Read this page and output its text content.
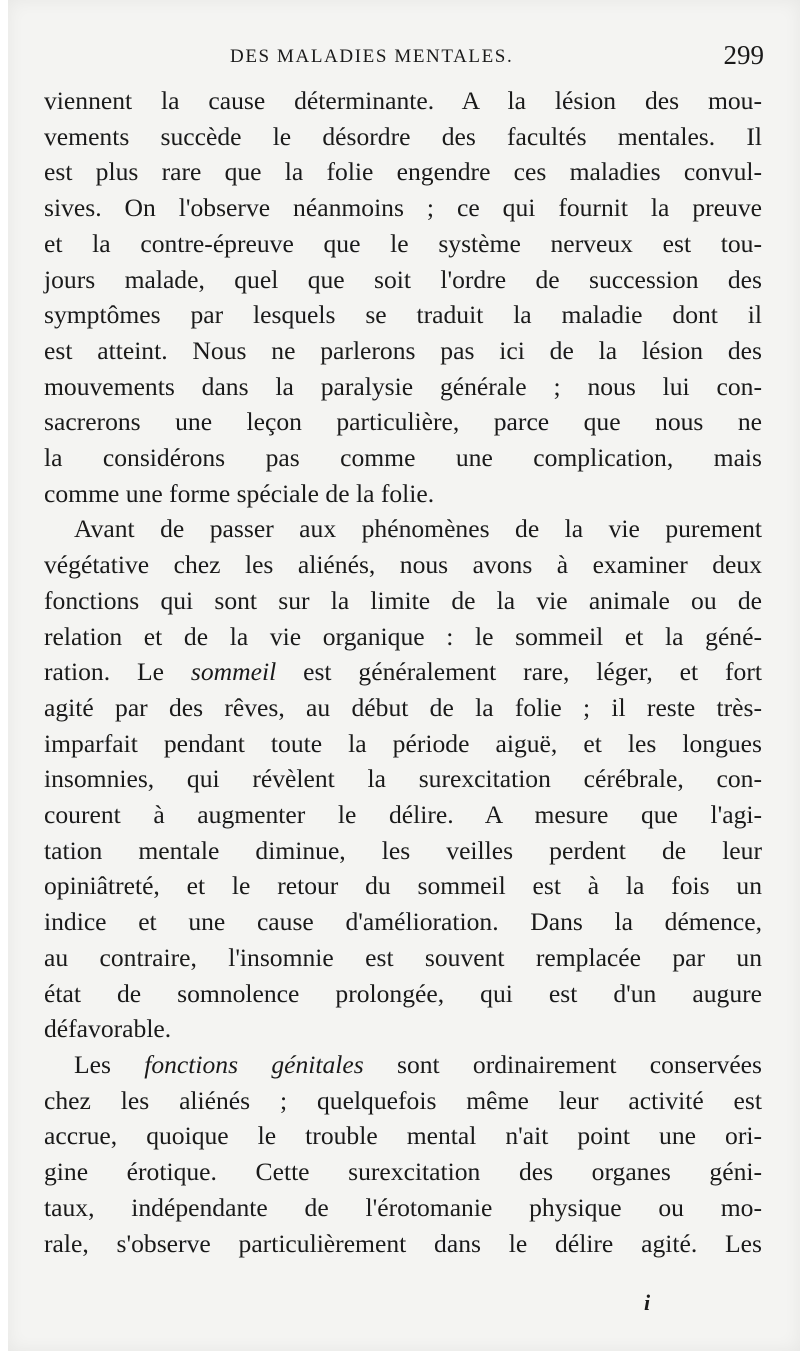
DES MALADIES MENTALES.	299

viennent la cause déterminante. A la lésion des mou-
vements succède le désordre des facultés mentales. Il
est plus rare que la folie engendre ces maladies convul-
sives. On l'observe néanmoins ; ce qui fournit la preuve
et la contre-épreuve que le système nerveux est tou-
jours malade, quel que soit l'ordre de succession des
symptômes par lesquels se traduit la maladie dont il
est atteint. Nous ne parlerons pas ici de la lésion des
mouvements dans la paralysie générale ; nous lui con-
sacrerons une leçon particulière, parce que nous ne
la considérons pas comme une complication, mais
comme une forme spéciale de la folie.

Avant de passer aux phénomènes de la vie purement
végétative chez les aliénés, nous avons à examiner deux
fonctions qui sont sur la limite de la vie animale ou de
relation et de la vie organique : le sommeil et la géné-
ration. Le sommeil est généralement rare, léger, et fort
agité par des rêves, au début de la folie ; il reste très-
imparfait pendant toute la période aiguë, et les longues
insomnies, qui révèlent la surexcitation cérébrale, con-
courent à augmenter le délire. A mesure que l'agi-
tation mentale diminue, les veilles perdent de leur
opiniâtreté, et le retour du sommeil est à la fois un
indice et une cause d'amélioration. Dans la démence,
au contraire, l'insomnie est souvent remplacée par un
état de somnolence prolongée, qui est d'un augure
défavorable.

Les fonctions génitales sont ordinairement conservées
chez les aliénés ; quelquefois même leur activité est
accrue, quoique le trouble mental n'ait point une ori-
gine érotique. Cette surexcitation des organes géni-
taux, indépendante de l'érotomanie physique ou mo-
rale, s'observe particulièrement dans le délire agité. Les

i
